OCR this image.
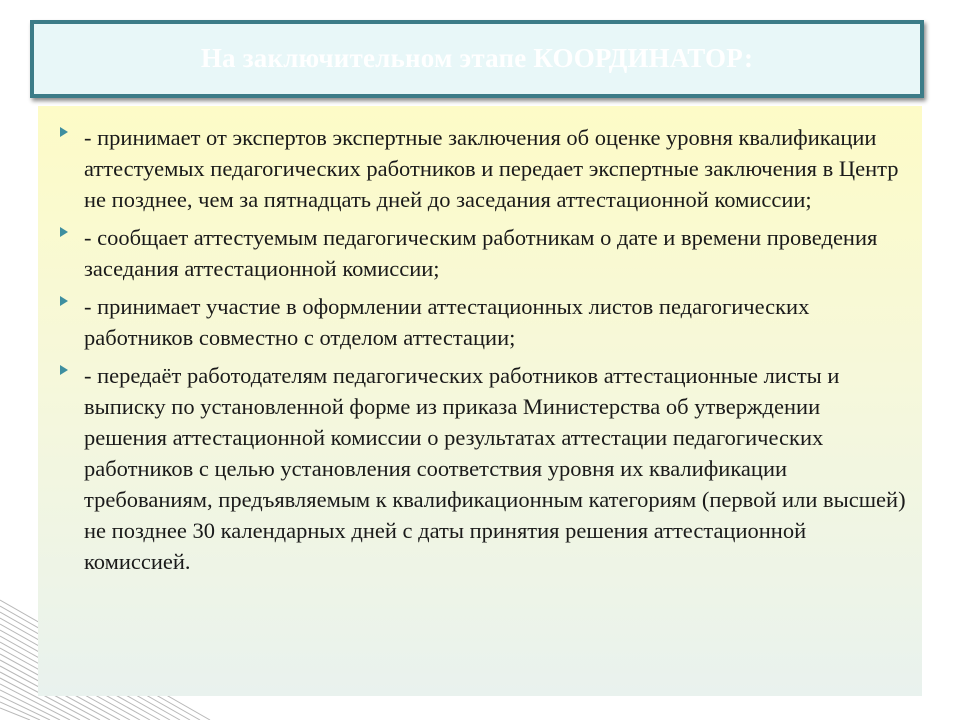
На заключительном этапе КООРДИНАТОР:
- принимает от экспертов экспертные заключения об оценке уровня квалификации аттестуемых педагогических работников и передает экспертные заключения в Центр не позднее, чем за пятнадцать дней до заседания аттестационной комиссии;
- сообщает аттестуемым педагогическим работникам о дате и времени проведения заседания аттестационной комиссии;
- принимает участие в оформлении аттестационных листов педагогических работников совместно с отделом аттестации;
- передаёт работодателям педагогических работников аттестационные листы и выписку по установленной форме из приказа Министерства об утверждении решения аттестационной комиссии о результатах аттестации педагогических работников с целью установления соответствия уровня их квалификации требованиям, предъявляемым к квалификационным категориям (первой или высшей) не позднее 30 календарных дней с даты принятия решения аттестационной комиссией.
